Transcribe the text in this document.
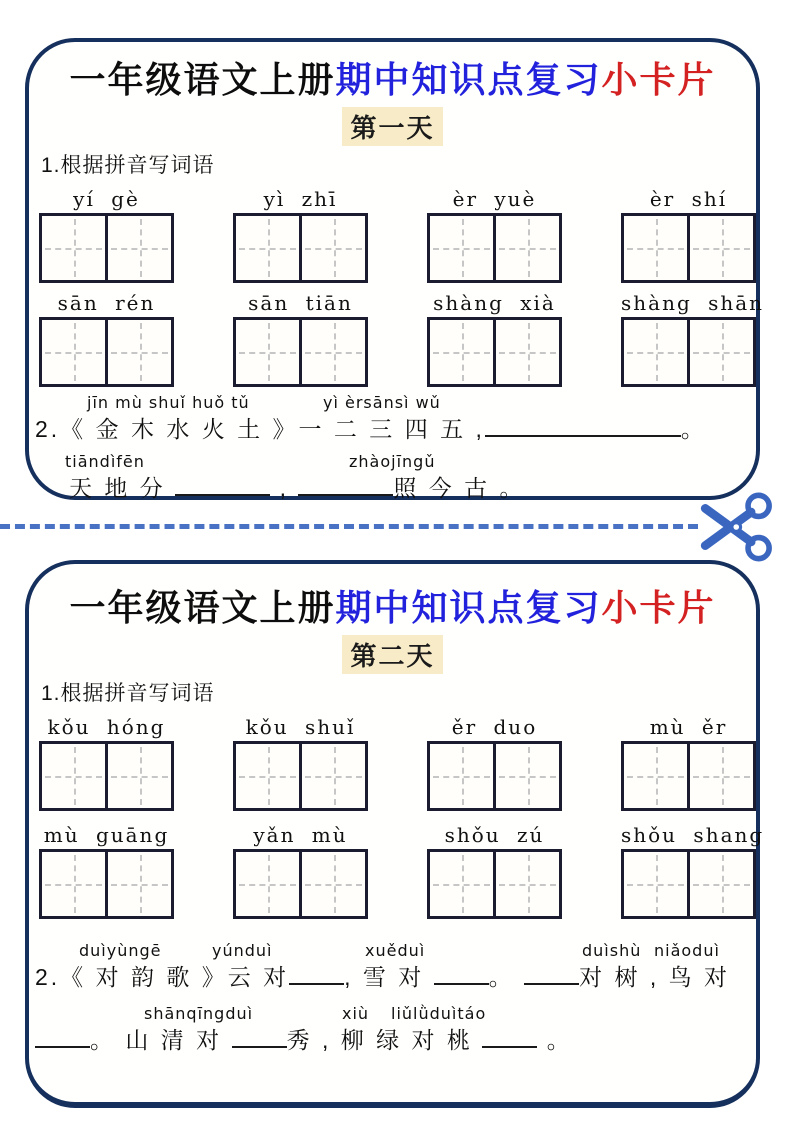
一年级语文上册期中知识点复习小卡片
第一天
1.根据拼音写词语
yí gè	yì zhī	èr yuè	èr shí
sān rén	sān tiān	shàng xià	shàng shān
jīn mù shuǐ huǒ tǔ	yì èrsānsì wǔ
2.《 金 木 水 火 土 》一 二 三 四 五 ,	。
tiāndìfēn	zhàojīngǔ
天 地 分	,	照 今 古 。
一年级语文上册期中知识点复习小卡片
第二天
1.根据拼音写词语
kǒu hóng	kǒu shuǐ	ěr duo	mù ěr
mù guāng	yǎn mù	shǒu zú	shǒu shang
duìyùngē	yúnduì	xuěduì	duìshù niǎoduì
2.《 对 韵 歌 》云 对 , 雪 对	。	对 树 , 鸟 对
shānqīngduì	xiù liǔlǜduìtáo
。 山 清 对	秀 , 柳 绿 对 桃	。
